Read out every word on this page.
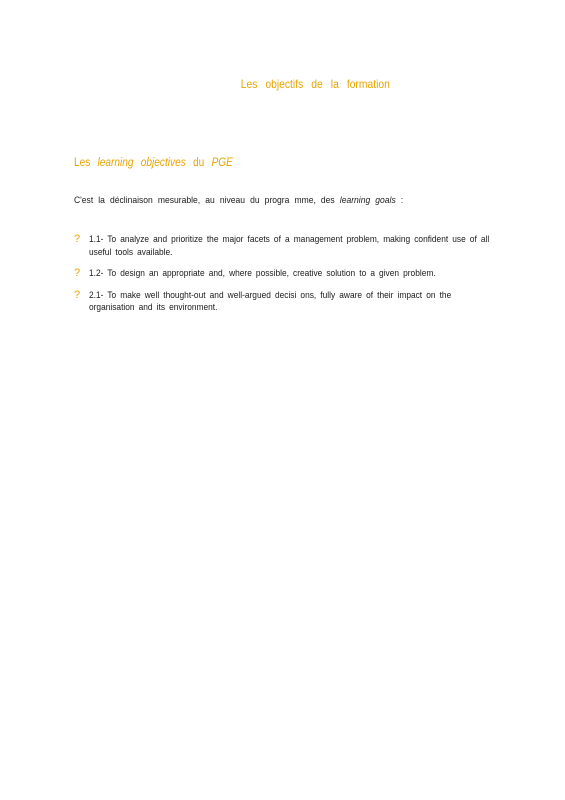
Les objectifs de la formation
Les learning objectives du PGE
C'est la déclinaison mesurable, au niveau du progra mme, des learning goals :
? 1.1- To analyze and prioritize the major facets of a management problem, making confident use of all useful tools available.
? 1.2- To design an appropriate and, where possible, creative solution to a given problem.
? 2.1- To make well thought-out and well-argued decisi ons, fully aware of their impact on the organisation and its environment.
